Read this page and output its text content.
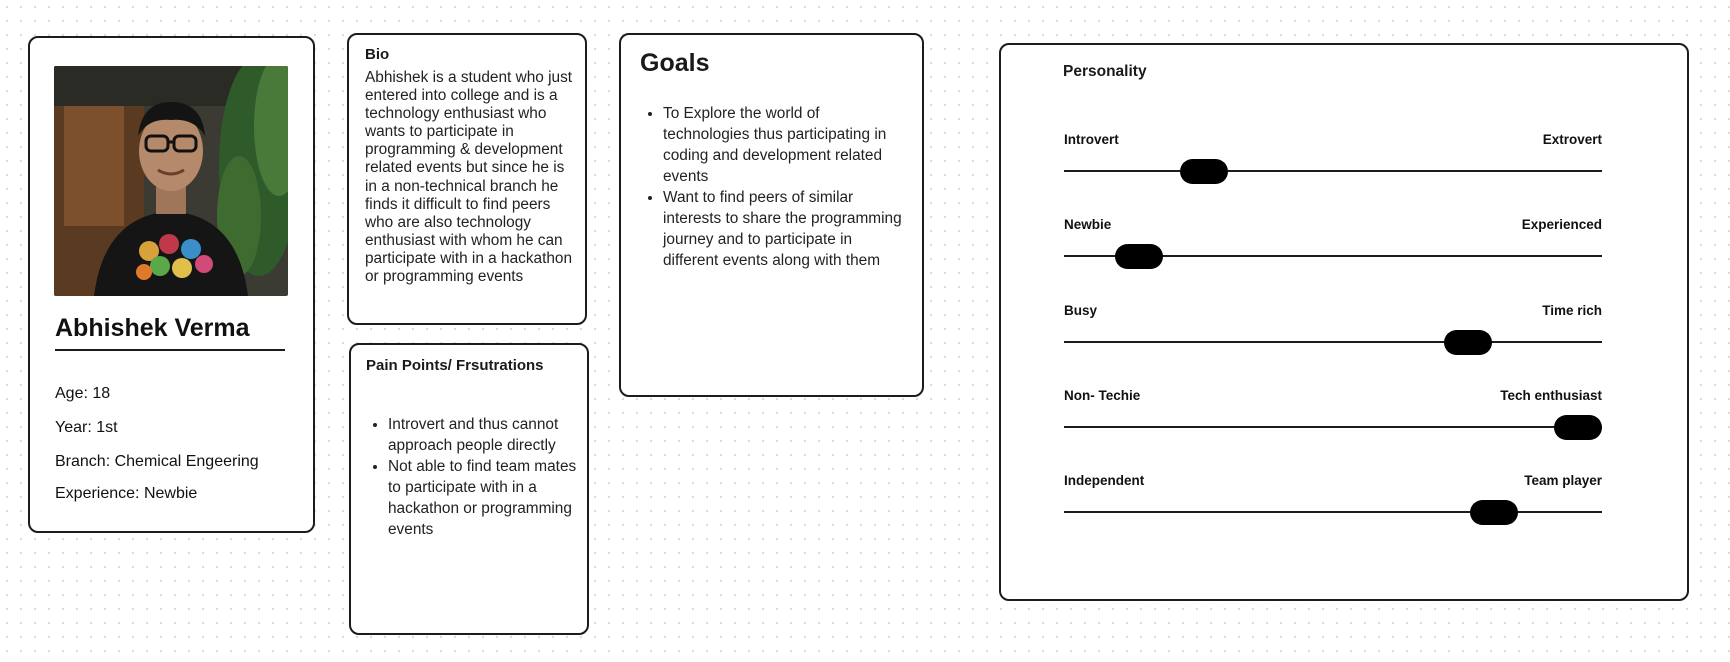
Abhishek Verma
Age: 18
Year: 1st
Branch: Chemical Engeering
Experience: Newbie
Bio
Abhishek is a student who just entered into college and is a technology enthusiast who wants to participate in programming & development related events but since he is in a non-technical branch he finds it difficult to find peers who are also technology enthusiast with whom he can participate with in a hackathon or programming events
Pain Points/ Frsutrations
• Introvert and thus cannot approach people directly
• Not able to find team mates to participate with in a hackathon or programming events
Goals
• To Explore the world of technologies thus participating in coding and development related events
• Want to find peers of similar interests to share the programming journey and to participate in different events along with them
Personality
Introvert	Extrovert
Newbie	Experienced
Busy	Time rich
Non- Techie	Tech enthusiast
Independent	Team player
